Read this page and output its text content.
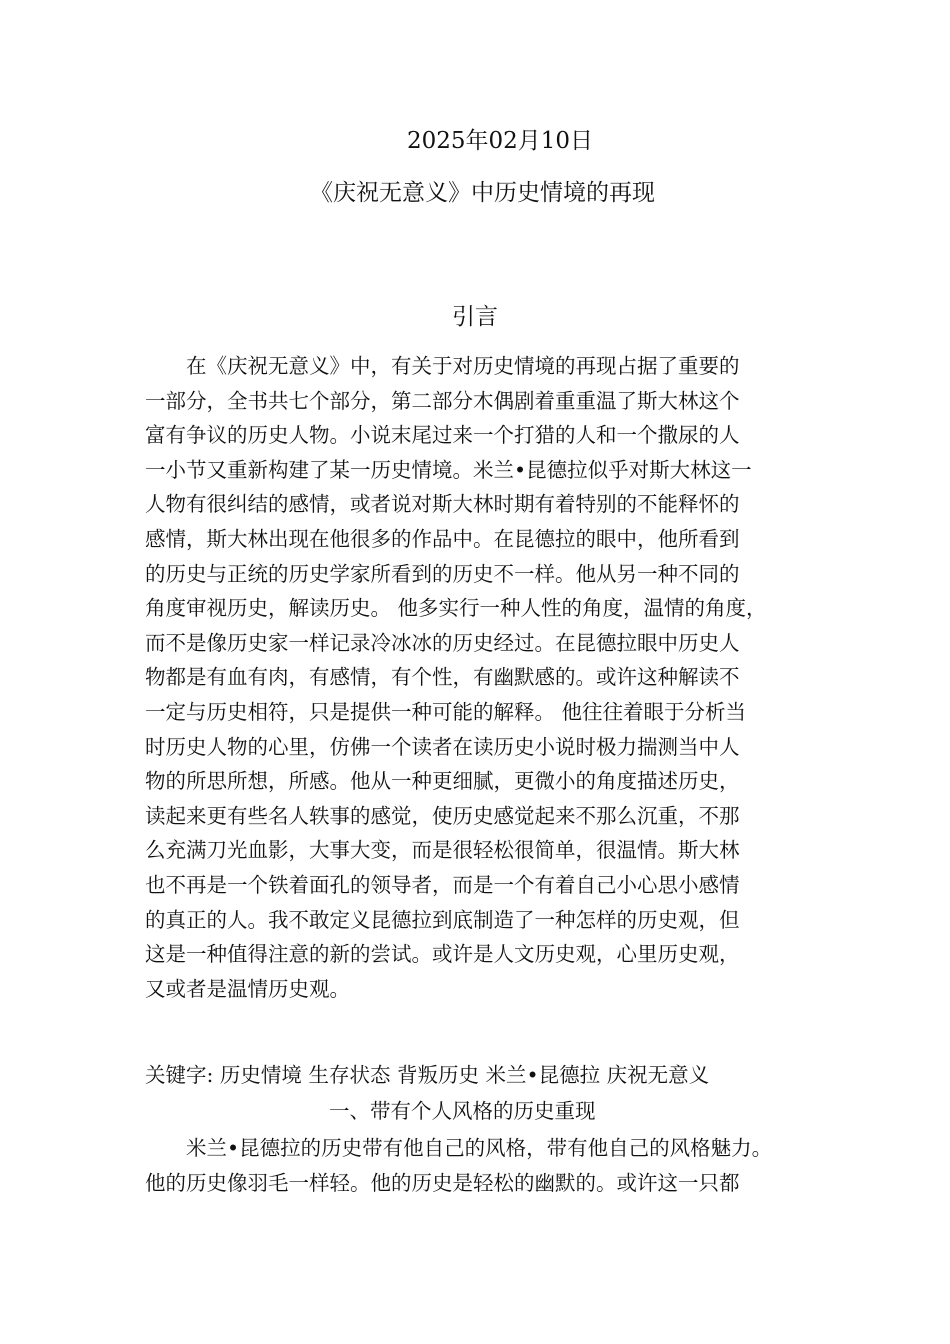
2025年02月10日
《庆祝无意义》中历史情境的再现
引言
　　在《庆祝无意义》中，有关于对历史情境的再现占据了重要的
一部分，全书共七个部分，第二部分木偶剧着重重温了斯大林这个
富有争议的历史人物。小说末尾过来一个打猎的人和一个撒尿的人
一小节又重新构建了某一历史情境。米兰•昆德拉似乎对斯大林这一
人物有很纠结的感情，或者说对斯大林时期有着特别的不能释怀的
感情，斯大林出现在他很多的作品中。在昆德拉的眼中，他所看到
的历史与正统的历史学家所看到的历史不一样。他从另一种不同的
角度审视历史，解读历史。 他多实行一种人性的角度，温情的角度，
而不是像历史家一样记录冷冰冰的历史经过。在昆德拉眼中历史人
物都是有血有肉，有感情，有个性，有幽默感的。或许这种解读不
一定与历史相符，只是提供一种可能的解释。 他往往着眼于分析当
时历史人物的心里，仿佛一个读者在读历史小说时极力揣测当中人
物的所思所想，所感。他从一种更细腻，更微小的角度描述历史，
读起来更有些名人轶事的感觉，使历史感觉起来不那么沉重，不那
么充满刀光血影，大事大变，而是很轻松很简单，很温情。斯大林
也不再是一个铁着面孔的领导者，而是一个有着自己小心思小感情
的真正的人。我不敢定义昆德拉到底制造了一种怎样的历史观，但
这是一种值得注意的新的尝试。或许是人文历史观，心里历史观，
又或者是温情历史观。
关键字: 历史情境 生存状态 背叛历史 米兰•昆德拉 庆祝无意义
一、带有个人风格的历史重现
　　米兰•昆德拉的历史带有他自己的风格，带有他自己的风格魅力。
他的历史像羽毛一样轻。他的历史是轻松的幽默的。或许这一只都
